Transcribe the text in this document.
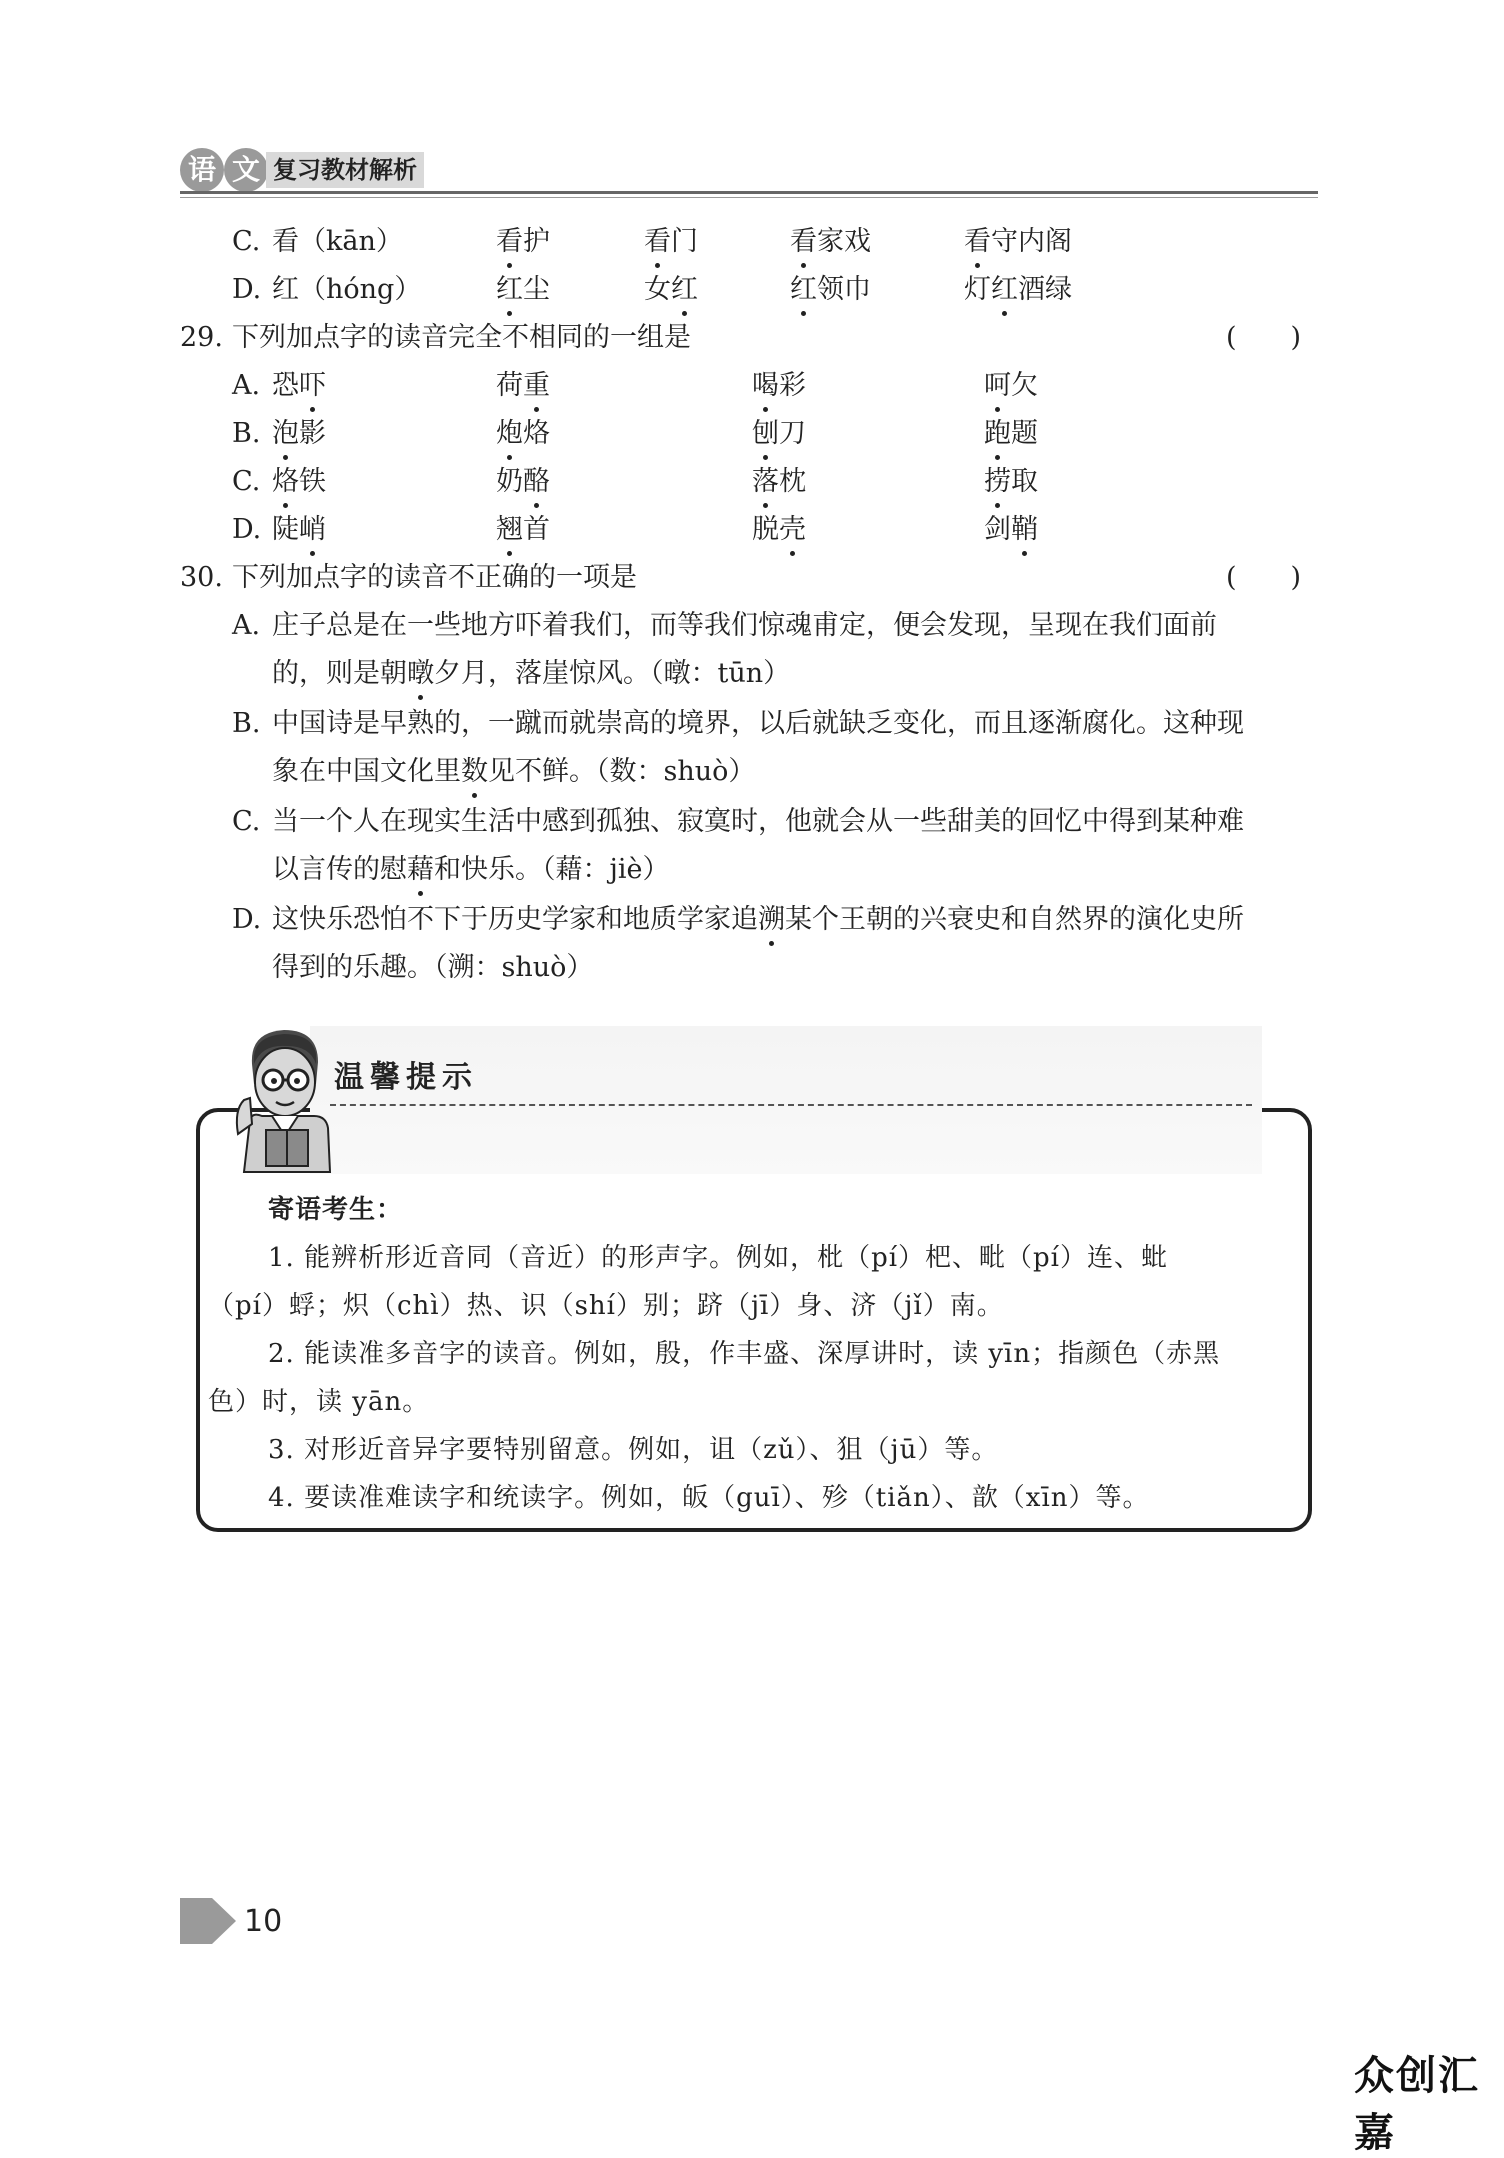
语 文 复习教材解析
C. 看（kān）	看护	看门	看家戏	看守内阁
D. 红（hóng）	红尘	女红	红领巾	灯红酒绿
29. 下列加点字的读音完全不相同的一组是	(　　)
A. 恐吓	荷重	喝彩	呵欠
B. 泡影	炮烙	刨刀	跑题
C. 烙铁	奶酪	落枕	捞取
D. 陡峭	翘首	脱壳	剑鞘
30. 下列加点字的读音不正确的一项是	(　　)
A. 庄子总是在一些地方吓着我们，而等我们惊魂甫定，便会发现，呈现在我们面前
的，则是朝暾夕月，落崖惊风。（暾：tūn）
B. 中国诗是早熟的，一蹴而就崇高的境界，以后就缺乏变化，而且逐渐腐化。这种现
象在中国文化里数见不鲜。（数：shuò）
C. 当一个人在现实生活中感到孤独、寂寞时，他就会从一些甜美的回忆中得到某种难
以言传的慰藉和快乐。（藉：jiè）
D. 这快乐恐怕不下于历史学家和地质学家追溯某个王朝的兴衰史和自然界的演化史所
得到的乐趣。（溯：shuò）
温馨提示
寄语考生：
1. 能辨析形近音同（音近）的形声字。例如，枇（pí）杷、毗（pí）连、蚍
（pí）蜉；炽（chì）热、识（shí）别；跻（jī）身、济（jǐ）南。
2. 能读准多音字的读音。例如，殷，作丰盛、深厚讲时，读 yīn；指颜色（赤黑
色）时，读 yān。
3. 对形近音异字要特别留意。例如，诅（zǔ）、狙（jū）等。
4. 要读准难读字和统读字。例如，皈（guī）、殄（tiǎn）、歆（xīn）等。
10
众创汇嘉
